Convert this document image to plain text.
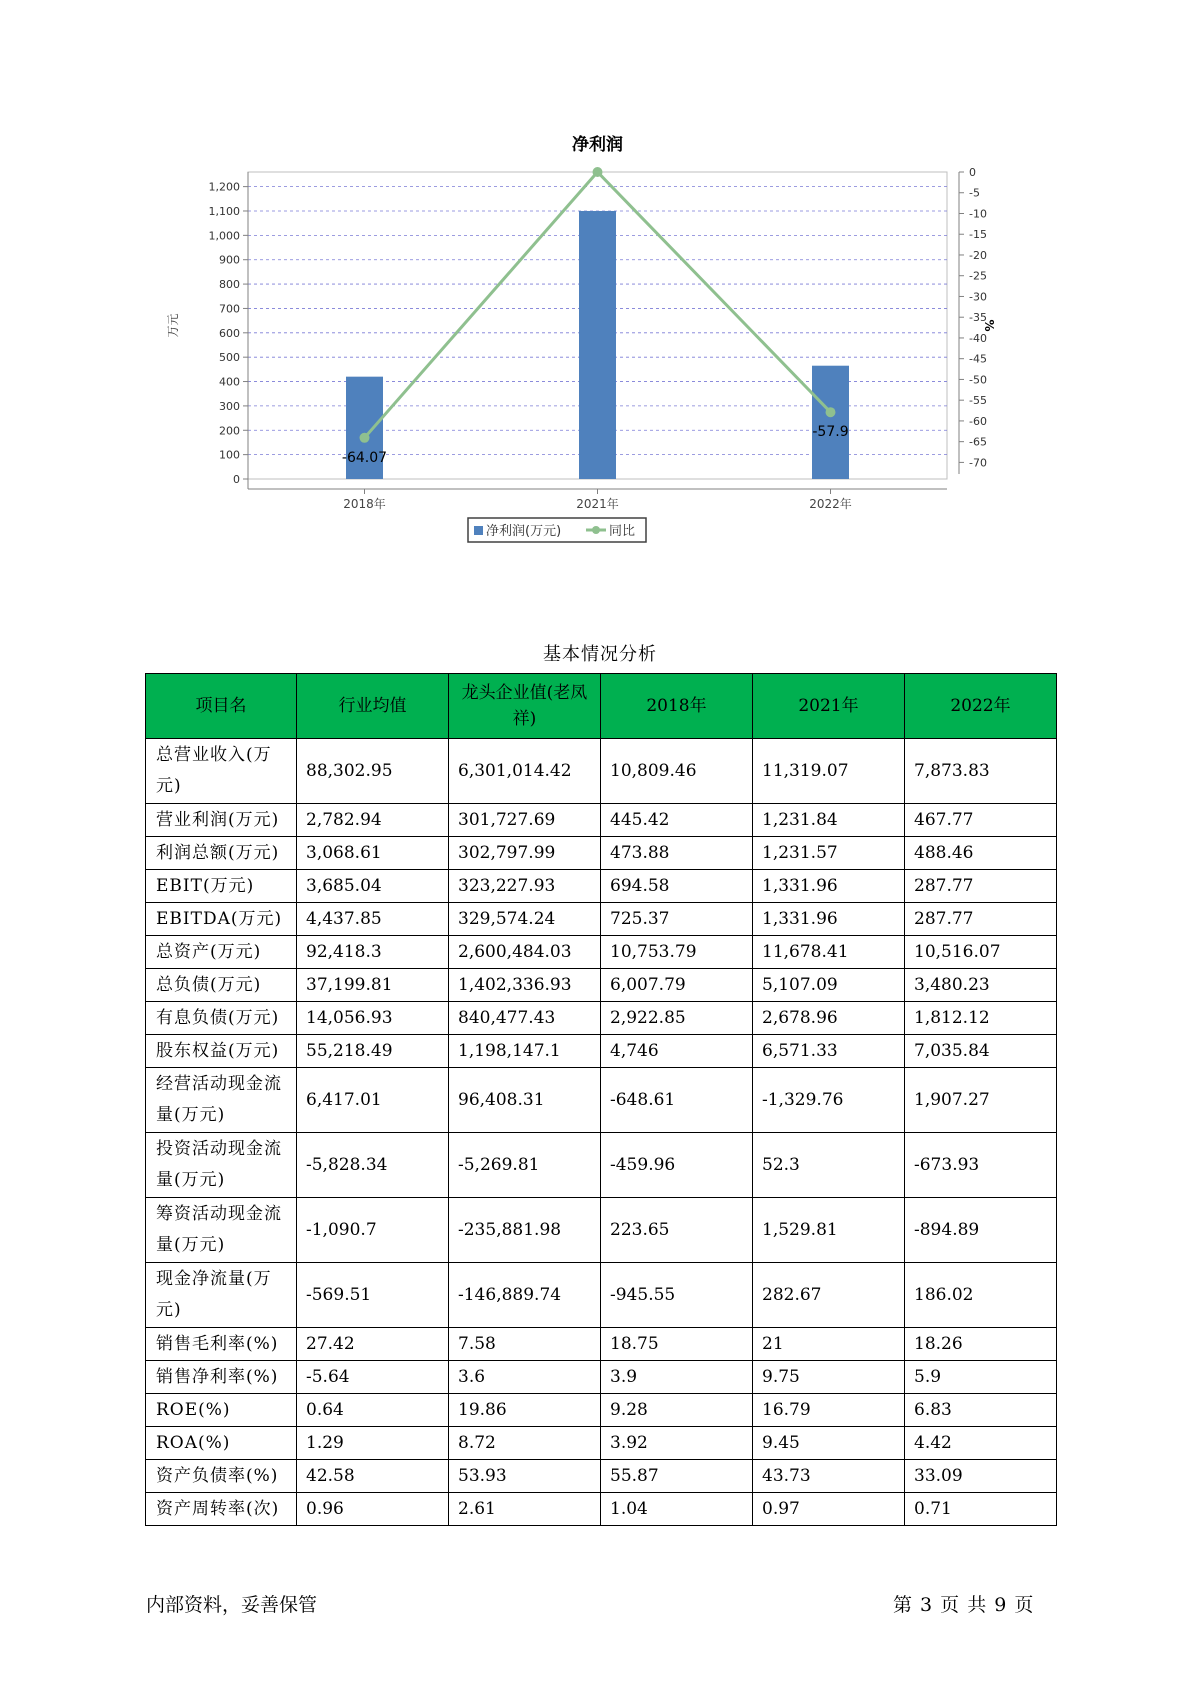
净利润
0
100
200
300
400
500
600
700
800
900
1,000
1,100
1,200
0
-5
-10
-15
-20
-25
-30
-35
-40
-45
-50
-55
-60
-65
-70
万元	%
2018年	2021年	2022年
-64.07
-57.9
净利润(万元)	同比
基本情况分析
项目名	行业均值	龙头企业值(老凤祥)	2018年	2021年	2022年
总营业收入(万元)	88,302.95	6,301,014.42	10,809.46	11,319.07	7,873.83
营业利润(万元)	2,782.94	301,727.69	445.42	1,231.84	467.77
利润总额(万元)	3,068.61	302,797.99	473.88	1,231.57	488.46
EBIT(万元)	3,685.04	323,227.93	694.58	1,331.96	287.77
EBITDA(万元)	4,437.85	329,574.24	725.37	1,331.96	287.77
总资产(万元)	92,418.3	2,600,484.03	10,753.79	11,678.41	10,516.07
总负债(万元)	37,199.81	1,402,336.93	6,007.79	5,107.09	3,480.23
有息负债(万元)	14,056.93	840,477.43	2,922.85	2,678.96	1,812.12
股东权益(万元)	55,218.49	1,198,147.1	4,746	6,571.33	7,035.84
经营活动现金流量(万元)	6,417.01	96,408.31	-648.61	-1,329.76	1,907.27
投资活动现金流量(万元)	-5,828.34	-5,269.81	-459.96	52.3	-673.93
筹资活动现金流量(万元)	-1,090.7	-235,881.98	223.65	1,529.81	-894.89
现金净流量(万元)	-569.51	-146,889.74	-945.55	282.67	186.02
销售毛利率(%)	27.42	7.58	18.75	21	18.26
销售净利率(%)	-5.64	3.6	3.9	9.75	5.9
ROE(%)	0.64	19.86	9.28	16.79	6.83
ROA(%)	1.29	8.72	3.92	9.45	4.42
资产负债率(%)	42.58	53.93	55.87	43.73	33.09
资产周转率(次)	0.96	2.61	1.04	0.97	0.71
内部资料，妥善保管	第 3 页 共 9 页
